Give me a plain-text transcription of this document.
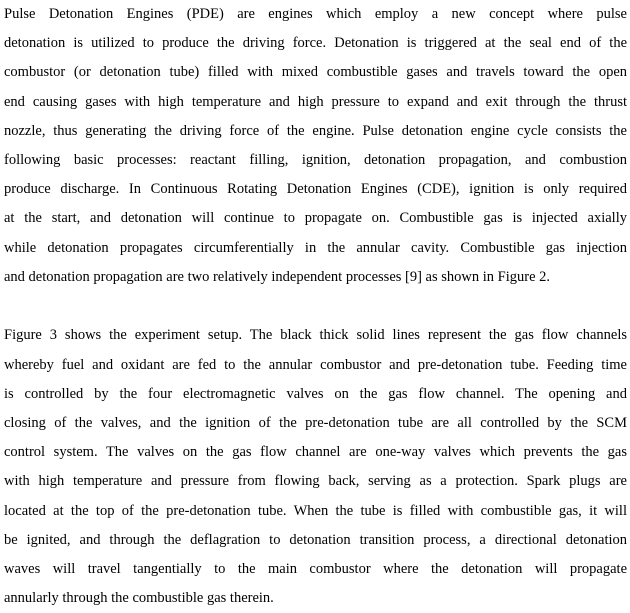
Pulse Detonation Engines (PDE) are engines which employ a new concept where pulse
detonation is utilized to produce the driving force. Detonation is triggered at the seal end of the
combustor (or detonation tube) filled with mixed combustible gases and travels toward the open
end causing gases with high temperature and high pressure to expand and exit through the thrust
nozzle, thus generating the driving force of the engine. Pulse detonation engine cycle consists the
following basic processes: reactant filling, ignition, detonation propagation, and combustion
produce discharge. In Continuous Rotating Detonation Engines (CDE), ignition is only required
at the start, and detonation will continue to propagate on. Combustible gas is injected axially
while detonation propagates circumferentially in the annular cavity. Combustible gas injection
and detonation propagation are two relatively independent processes [9] as shown in Figure 2.
Figure 3 shows the experiment setup. The black thick solid lines represent the gas flow channels
whereby fuel and oxidant are fed to the annular combustor and pre-detonation tube. Feeding time
is controlled by the four electromagnetic valves on the gas flow channel. The opening and
closing of the valves, and the ignition of the pre-detonation tube are all controlled by the SCM
control system. The valves on the gas flow channel are one-way valves which prevents the gas
with high temperature and pressure from flowing back, serving as a protection. Spark plugs are
located at the top of the pre-detonation tube. When the tube is filled with combustible gas, it will
be ignited, and through the deflagration to detonation transition process, a directional detonation
waves will travel tangentially to the main combustor where the detonation will propagate
annularly through the combustible gas therein.
